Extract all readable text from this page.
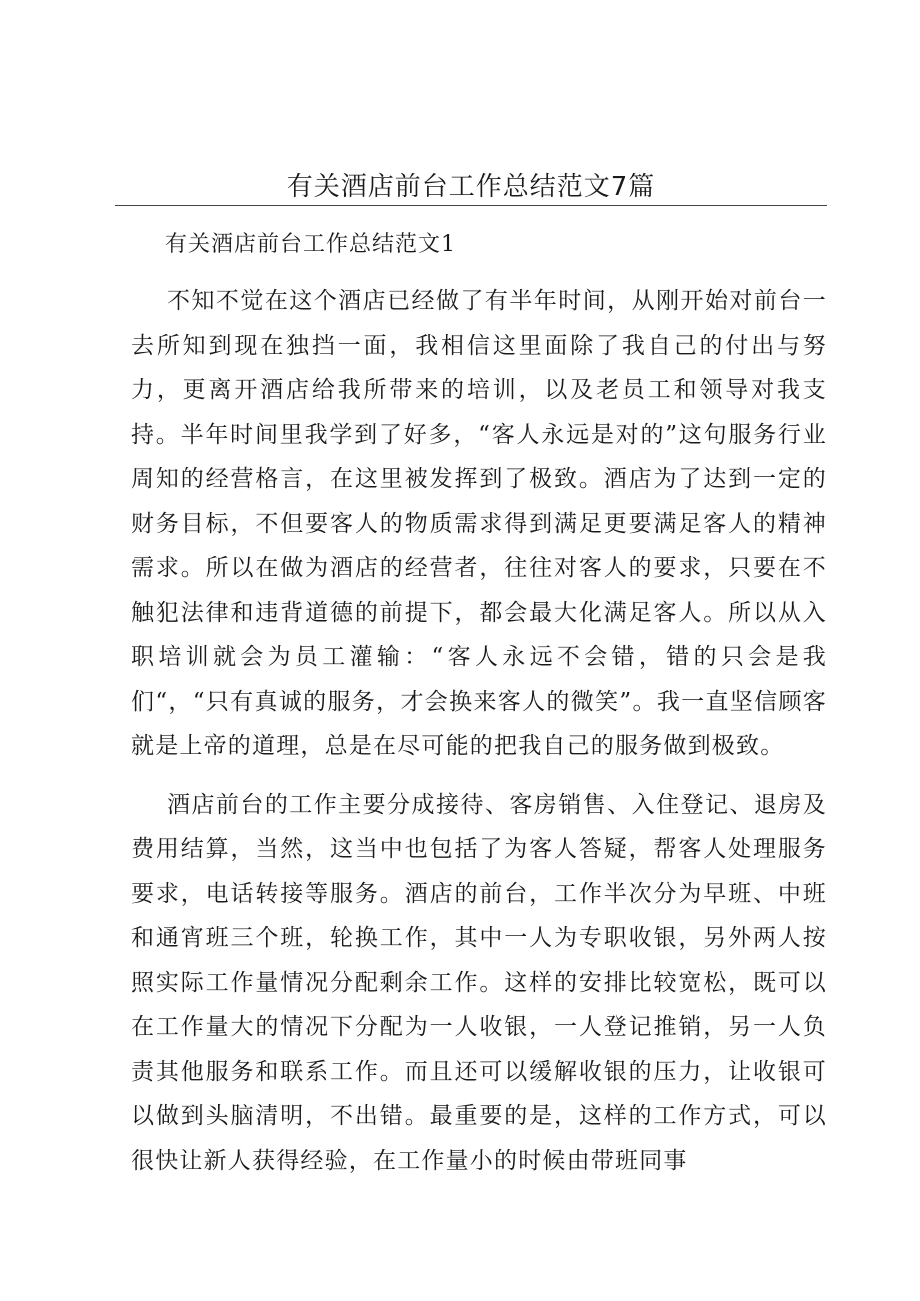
有关酒店前台工作总结范文7篇
有关酒店前台工作总结范文1

不知不觉在这个酒店已经做了有半年时间，从刚开始对前台一去所知到现在独挡一面，我相信这里面除了我自己的付出与努力，更离开酒店给我所带来的培训，以及老员工和领导对我支持。半年时间里我学到了好多，“客人永远是对的”这句服务行业周知的经营格言，在这里被发挥到了极致。酒店为了达到一定的财务目标，不但要客人的物质需求得到满足更要满足客人的精神需求。所以在做为酒店的经营者，往往对客人的要求，只要在不触犯法律和违背道德的前提下，都会最大化满足客人。所以从入职培训就会为员工灌输：“客人永远不会错，错的只会是我们“，“只有真诚的服务，才会换来客人的微笑”。我一直坚信顾客就是上帝的道理，总是在尽可能的把我自己的服务做到极致。

酒店前台的工作主要分成接待、客房销售、入住登记、退房及费用结算，当然，这当中也包括了为客人答疑，帮客人处理服务要求，电话转接等服务。酒店的前台，工作半次分为早班、中班和通宵班三个班，轮换工作，其中一人为专职收银，另外两人按照实际工作量情况分配剩余工作。这样的安排比较宽松，既可以在工作量大的情况下分配为一人收银，一人登记推销，另一人负责其他服务和联系工作。而且还可以缓解收银的压力，让收银可以做到头脑清明，不出错。最重要的是，这样的工作方式，可以很快让新人获得经验，在工作量小的时候由带班同事
